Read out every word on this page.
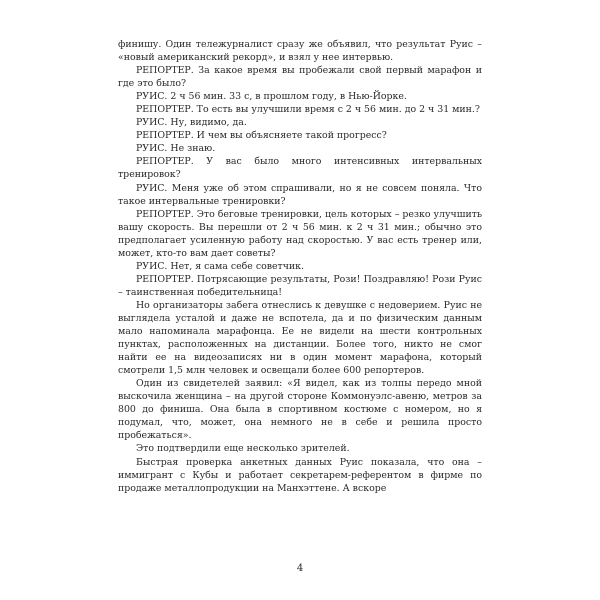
финишу. Один тележурналист сразу же объявил, что результат Руис – «новый американский рекорд», и взял у нее интервью.

РЕПОРТЕР. За какое время вы пробежали свой первый марафон и где это было?

РУИС. 2 ч 56 мин. 33 с, в прошлом году, в Нью-Йорке.

РЕПОРТЕР. То есть вы улучшили время с 2 ч 56 мин. до 2 ч 31 мин.?

РУИС. Ну, видимо, да.

РЕПОРТЕР. И чем вы объясняете такой прогресс?

РУИС. Не знаю.

РЕПОРТЕР. У вас было много интенсивных интервальных тренировок?

РУИС. Меня уже об этом спрашивали, но я не совсем поняла. Что такое интервальные тренировки?

РЕПОРТЕР. Это беговые тренировки, цель которых – резко улучшить вашу скорость. Вы перешли от 2 ч 56 мин. к 2 ч 31 мин.; обычно это предполагает усиленную работу над скоростью. У вас есть тренер или, может, кто-то вам дает советы?

РУИС. Нет, я сама себе советчик.

РЕПОРТЕР. Потрясающие результаты, Рози! Поздравляю! Рози Руис – таинственная победительница!

Но организаторы забега отнеслись к девушке с недоверием. Руис не выглядела усталой и даже не вспотела, да и по физическим данным мало напоминала марафонца. Ее не видели на шести контрольных пунктах, расположенных на дистанции. Более того, никто не смог найти ее на видеозаписях ни в один момент марафона, который смотрели 1,5 млн человек и освещали более 600 репортеров.

Один из свидетелей заявил: «Я видел, как из толпы передо мной выскочила женщина – на другой стороне Коммонуэлс-авеню, метров за 800 до финиша. Она была в спортивном костюме с номером, но я подумал, что, может, она немного не в себе и решила просто пробежаться».

Это подтвердили еще несколько зрителей.

Быстрая проверка анкетных данных Руис показала, что она – иммигрант с Кубы и работает секретарем-референтом в фирме по продаже металлопродукции на Манхэттене. А вскоре

4
